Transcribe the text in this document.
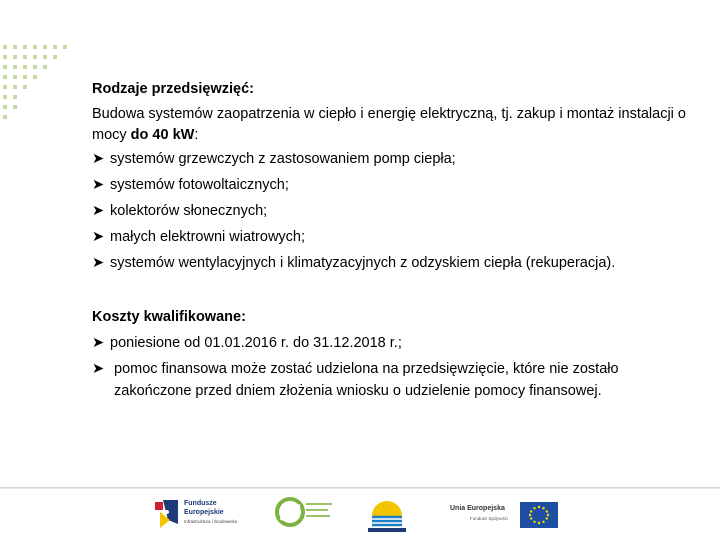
Rodzaje przedsięwzięć:
Budowa systemów zaopatrzenia w ciepło i energię elektryczną, tj. zakup i montaż instalacji o mocy do 40 kW:
➤ systemów grzewczych z zastosowaniem pomp ciepła;
➤ systemów fotowoltaicznych;
➤ kolektorów słonecznych;
➤ małych elektrowni wiatrowych;
➤ systemów wentylacyjnych i klimatyzacyjnych z odzyskiem ciepła (rekuperacja).
Koszty kwalifikowane:
➤ poniesione od 01.01.2016 r. do 31.12.2018 r.;
➤ pomoc finansowa może zostać udzielona na przedsięwzięcie, które nie zostało zakończone przed dniem złożenia wniosku o udzielenie pomocy finansowej.
Fundusze
Europejskie
Infrastruktura i Środowisko
Unia Europejska
Fundusz Spójności
